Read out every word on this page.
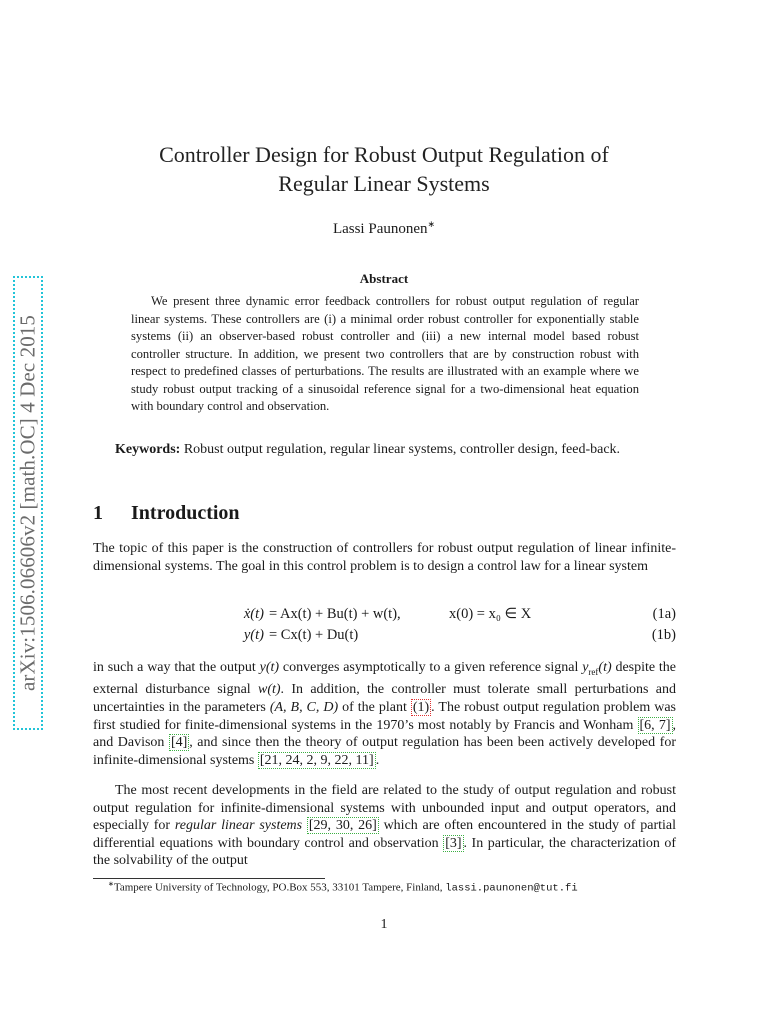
arXiv:1506.06606v2 [math.OC] 4 Dec 2015
Controller Design for Robust Output Regulation of
Regular Linear Systems
Lassi Paunonen∗
Abstract
We present three dynamic error feedback controllers for robust output regulation of regular linear systems. These controllers are (i) a minimal order robust controller for exponentially stable systems (ii) an observer-based robust controller and (iii) a new internal model based robust controller structure. In addition, we present two controllers that are by construction robust with respect to predefined classes of perturbations. The results are illustrated with an example where we study robust output tracking of a sinusoidal reference signal for a two-dimensional heat equation with boundary control and observation.
Keywords: Robust output regulation, regular linear systems, controller design, feed-back.
1 Introduction
The topic of this paper is the construction of controllers for robust output regulation of linear infinite-dimensional systems. The goal in this control problem is to design a control law for a linear system
ẋ(t) = Ax(t) + Bu(t) + w(t),	x(0) = x₀ ∈ X	(1a)
y(t) = Cx(t) + Du(t)	(1b)
in such a way that the output y(t) converges asymptotically to a given reference signal $y_{ref}(t)$ despite the external disturbance signal w(t). In addition, the controller must tolerate small perturbations and uncertainties in the parameters (A, B, C, D) of the plant (1) . The robust output regulation problem was first studied for finite-dimensional systems in the 1970’s most notably by Francis and Wonham [6, 7] , and Davison [4] , and since then the theory of output regulation has been been actively developed for infinite-dimensional systems [21, 24, 2, 9, 22, 11] .
The most recent developments in the field are related to the study of output regulation and robust output regulation for infinite-dimensional systems with unbounded input and output operators, and especially for regular linear systems [29, 30, 26] which are often encountered in the study of partial differential equations with boundary control and observation [3] . In particular, the characterization of the solvability of the output
∗Tampere University of Technology, PO.Box 553, 33101 Tampere, Finland, lassi.paunonen@tut.fi
1
